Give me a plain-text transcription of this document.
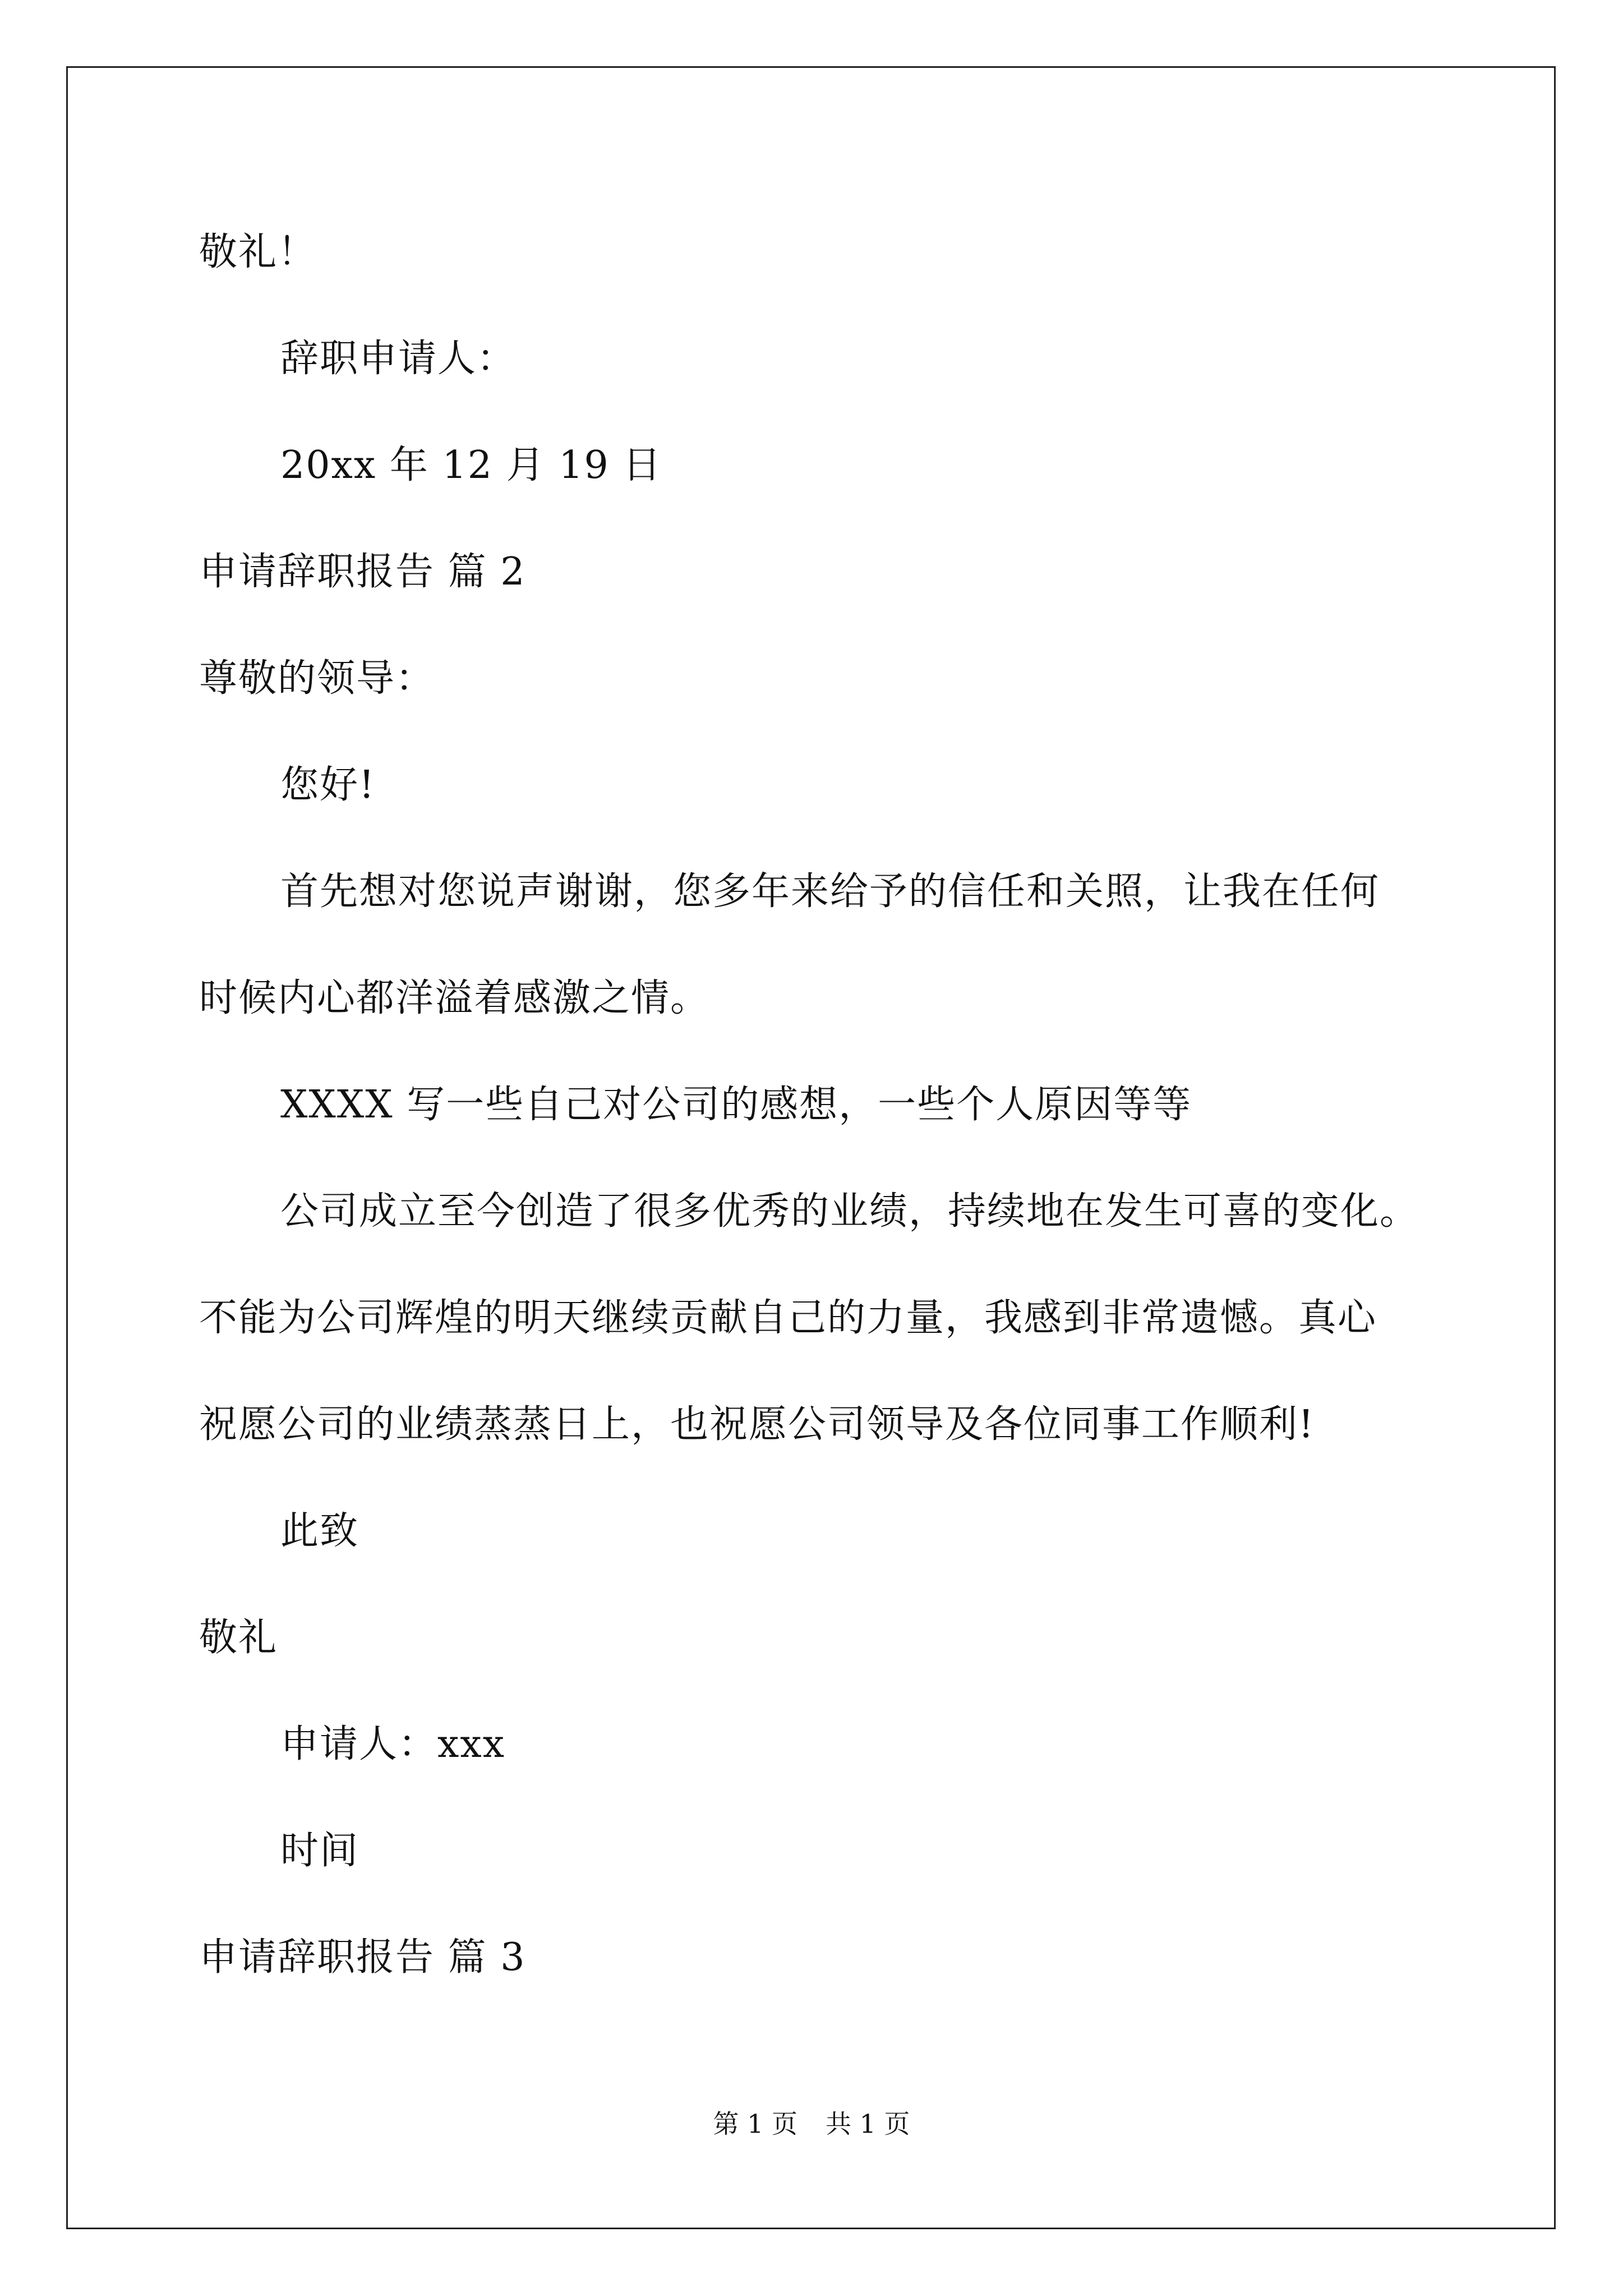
敬礼！
辞职申请人：
20xx 年 12 月 19 日
申请辞职报告 篇 2
尊敬的领导：
您好!
首先想对您说声谢谢，您多年来给予的信任和关照，让我在任何
时候内心都洋溢着感激之情。
XXXX 写一些自己对公司的感想，一些个人原因等等
公司成立至今创造了很多优秀的业绩，持续地在发生可喜的变化。
不能为公司辉煌的明天继续贡献自己的力量，我感到非常遗憾。真心
祝愿公司的业绩蒸蒸日上，也祝愿公司领导及各位同事工作顺利!
此致
敬礼
申请人：xxx
时间
申请辞职报告 篇 3
第 1 页 共 1 页
